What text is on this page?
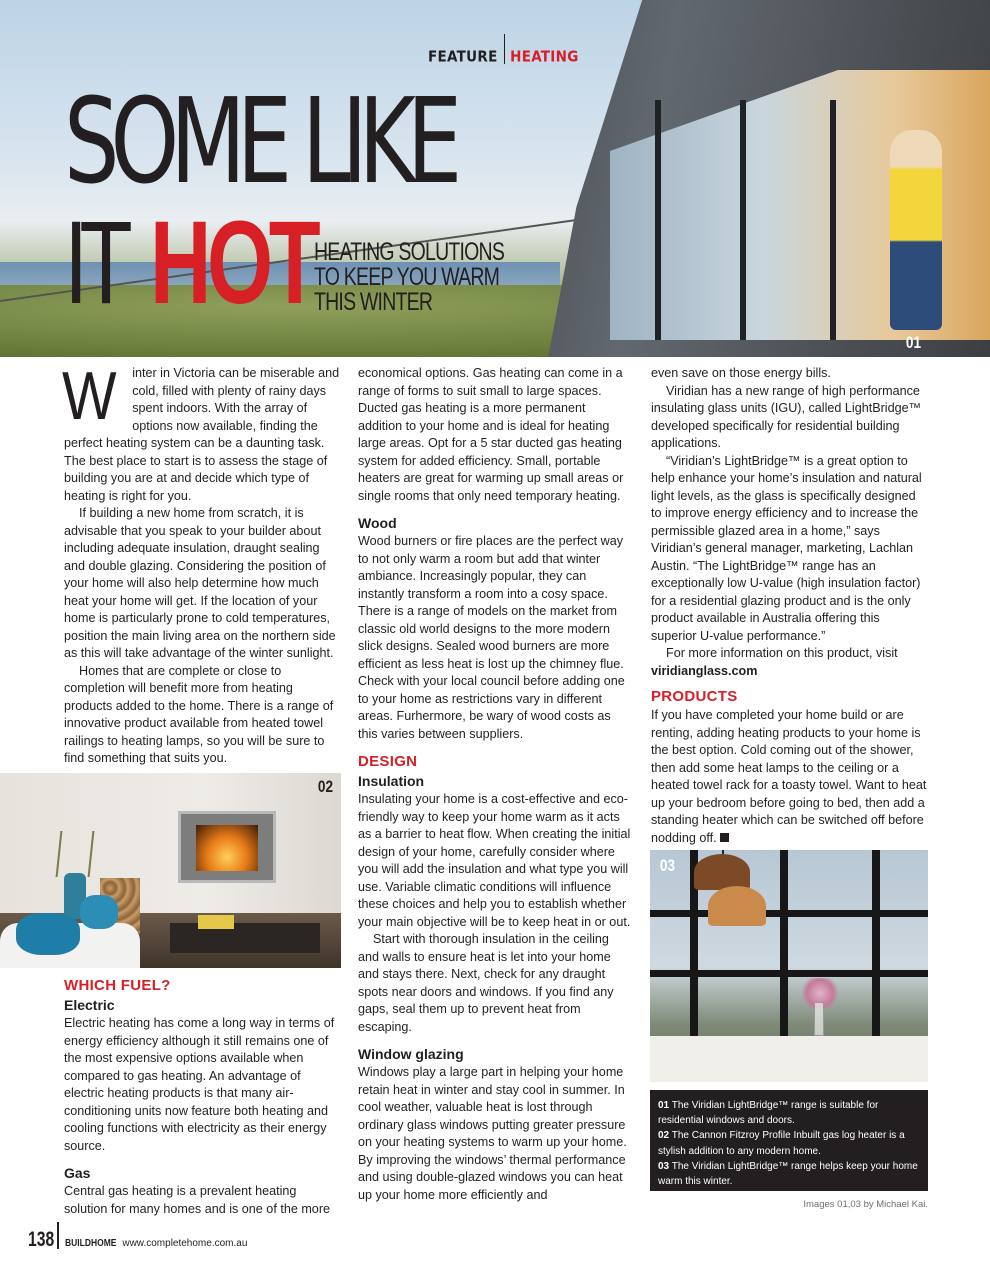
FEATURE HEATING
SOME LIKE
IT HOT
HEATING SOLUTIONS
TO KEEP YOU WARM
THIS WINTER
01
W	inter in Victoria can be miserable and cold, filled with plenty of rainy days spent indoors. With the array of options now available, finding the perfect heating system can be a daunting task. The best place to start is to assess the stage of building you are at and decide which type of heating is right for you.

If building a new home from scratch, it is advisable that you speak to your builder about including adequate insulation, draught sealing and double glazing. Considering the position of your home will also help determine how much heat your home will get. If the location of your home is particularly prone to cold temperatures, position the main living area on the northern side as this will take advantage of the winter sunlight.

Homes that are complete or close to completion will benefit more from heating products added to the home. There is a range of innovative product available from heated towel railings to heating lamps, so you will be sure to find something that suits you.

02
WHICH FUEL?
Electric

Electric heating has come a long way in terms of energy efficiency although it still remains one of the most expensive options available when compared to gas heating. An advantage of electric heating products is that many air-conditioning units now feature both heating and cooling functions with electricity as their energy source.

Gas

Central gas heating is a prevalent heating solution for many homes and is one of the more

economical options. Gas heating can come in a range of forms to suit small to large spaces. Ducted gas heating is a more permanent addition to your home and is ideal for heating large areas. Opt for a 5 star ducted gas heating system for added efficiency. Small, portable heaters are great for warming up small areas or single rooms that only need temporary heating.

Wood

Wood burners or fire places are the perfect way to not only warm a room but add that winter ambiance. Increasingly popular, they can instantly transform a room into a cosy space. There is a range of models on the market from classic old world designs to the more modern slick designs. Sealed wood burners are more efficient as less heat is lost up the chimney flue. Check with your local council before adding one to your home as restrictions vary in different areas. Furhermore, be wary of wood costs as this varies between suppliers.

DESIGN
Insulation

Insulating your home is a cost-effective and eco-friendly way to keep your home warm as it acts as a barrier to heat flow. When creating the initial design of your home, carefully consider where you will add the insulation and what type you will use. Variable climatic conditions will influence these choices and help you to establish whether your main objective will be to keep heat in or out.

Start with thorough insulation in the ceiling and walls to ensure heat is let into your home and stays there. Next, check for any draught spots near doors and windows. If you find any gaps, seal them up to prevent heat from escaping.

Window glazing

Windows play a large part in helping your home retain heat in winter and stay cool in summer. In cool weather, valuable heat is lost through ordinary glass windows putting greater pressure on your heating systems to warm up your home. By improving the windows’ thermal performance and using double-glazed windows you can heat up your home more efficiently and

even save on those energy bills.

Viridian has a new range of high performance insulating glass units (IGU), called LightBridge™ developed specifically for residential building applications.

“Viridian’s LightBridge™ is a great option to help enhance your home’s insulation and natural light levels, as the glass is specifically designed to improve energy efficiency and to increase the permissible glazed area in a home,” says Viridian’s general manager, marketing, Lachlan Austin. “The LightBridge™ range has an exceptionally low U-value (high insulation factor) for a residential glazing product and is the only product available in Australia offering this superior U-value performance.”

For more information on this product, visit

viridianglass.com

PRODUCTS

If you have completed your home build or are renting, adding heating products to your home is the best option. Cold coming out of the shower, then add some heat lamps to the ceiling or a heated towel rack for a toasty towel. Want to heat up your bedroom before going to bed, then add a standing heater which can be switched off before nodding off.

03
01 The Viridian LightBridge™ range is suitable for residential windows and doors.
02 The Cannon Fitzroy Profile Inbuilt gas log heater is a stylish addition to any modern home.
03 The Viridian LightBridge™ range helps keep your home warm this winter.
Images 01,03 by Michael Kai.
138 BUILDHOME www.completehome.com.au
